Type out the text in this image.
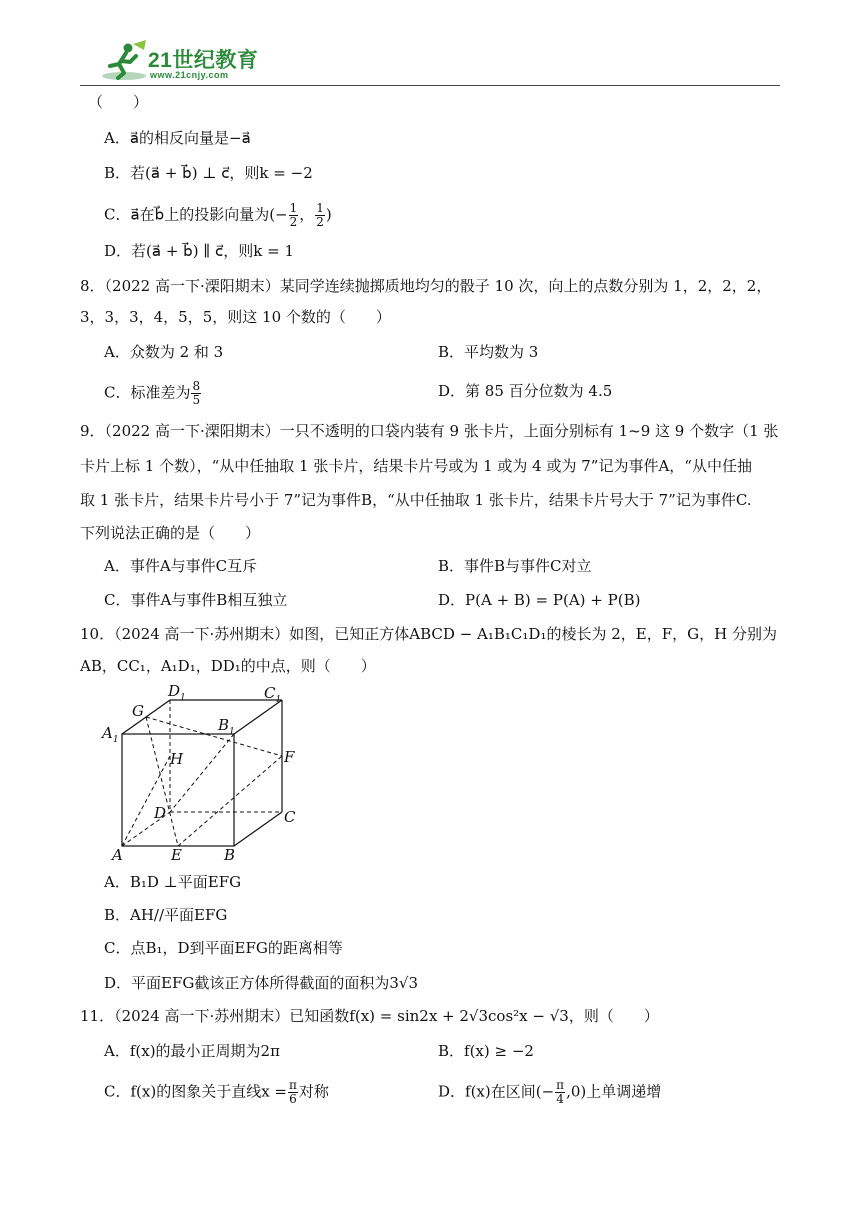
21世纪教育
www.21cnjy.com
（　　）
A．a⃗的相反向量是−a⃗
B．若(a⃗ + b⃗) ⊥ c⃗，则k = −2
C．a⃗在b⃗上的投影向量为(− $\frac{1}{2}$ ， $\frac{1}{2}$ )
D．若(a⃗ + b⃗) ∥ c⃗，则k = 1
8．（2022 高一下·溧阳期末）某同学连续抛掷质地均匀的骰子 10 次，向上的点数分别为 1，2，2，2，
3，3，3，4，5，5，则这 10 个数的（　　）
A．众数为 2 和 3	B．平均数为 3
C．标准差为 $\frac{8}{5}$	D．第 85 百分位数为 4.5
9．（2022 高一下·溧阳期末）一只不透明的口袋内装有 9 张卡片，上面分别标有 1~9 这 9 个数字（1 张
卡片上标 1 个数），“从中任抽取 1 张卡片，结果卡片号或为 1 或为 4 或为 7”记为事件A，“从中任抽
取 1 张卡片，结果卡片号小于 7”记为事件B，“从中任抽取 1 张卡片，结果卡片号大于 7”记为事件C.
下列说法正确的是（　　）
A．事件A与事件C互斥	B．事件B与事件C对立
C．事件A与事件B相互独立	D．P(A + B) = P(A) + P(B)
10．（2024 高一下·苏州期末）如图，已知正方体ABCD − A₁B₁C₁D₁的棱长为 2，E，F，G，H 分别为
AB，CC₁，A₁D₁，DD₁的中点，则（　　）
$A_1$
$D_1$	$C_1$
$B_1$
G
H	F
D	C
A	E	B
A．B₁D ⊥平面EFG
B．AH//平面EFG
C．点B₁，D到平面EFG的距离相等
D．平面EFG截该正方体所得截面的面积为3√3
11．（2024 高一下·苏州期末）已知函数f(x) = sin2x + 2√3cos²x − √3，则（　　）
A．f(x)的最小正周期为2π	B．f(x) ≥ −2
C．f(x)的图象关于直线$x = \frac{\pi}{6}$ 对称	D．f(x)在区间(− $\frac{\pi}{4} ,0$)上单调递增
